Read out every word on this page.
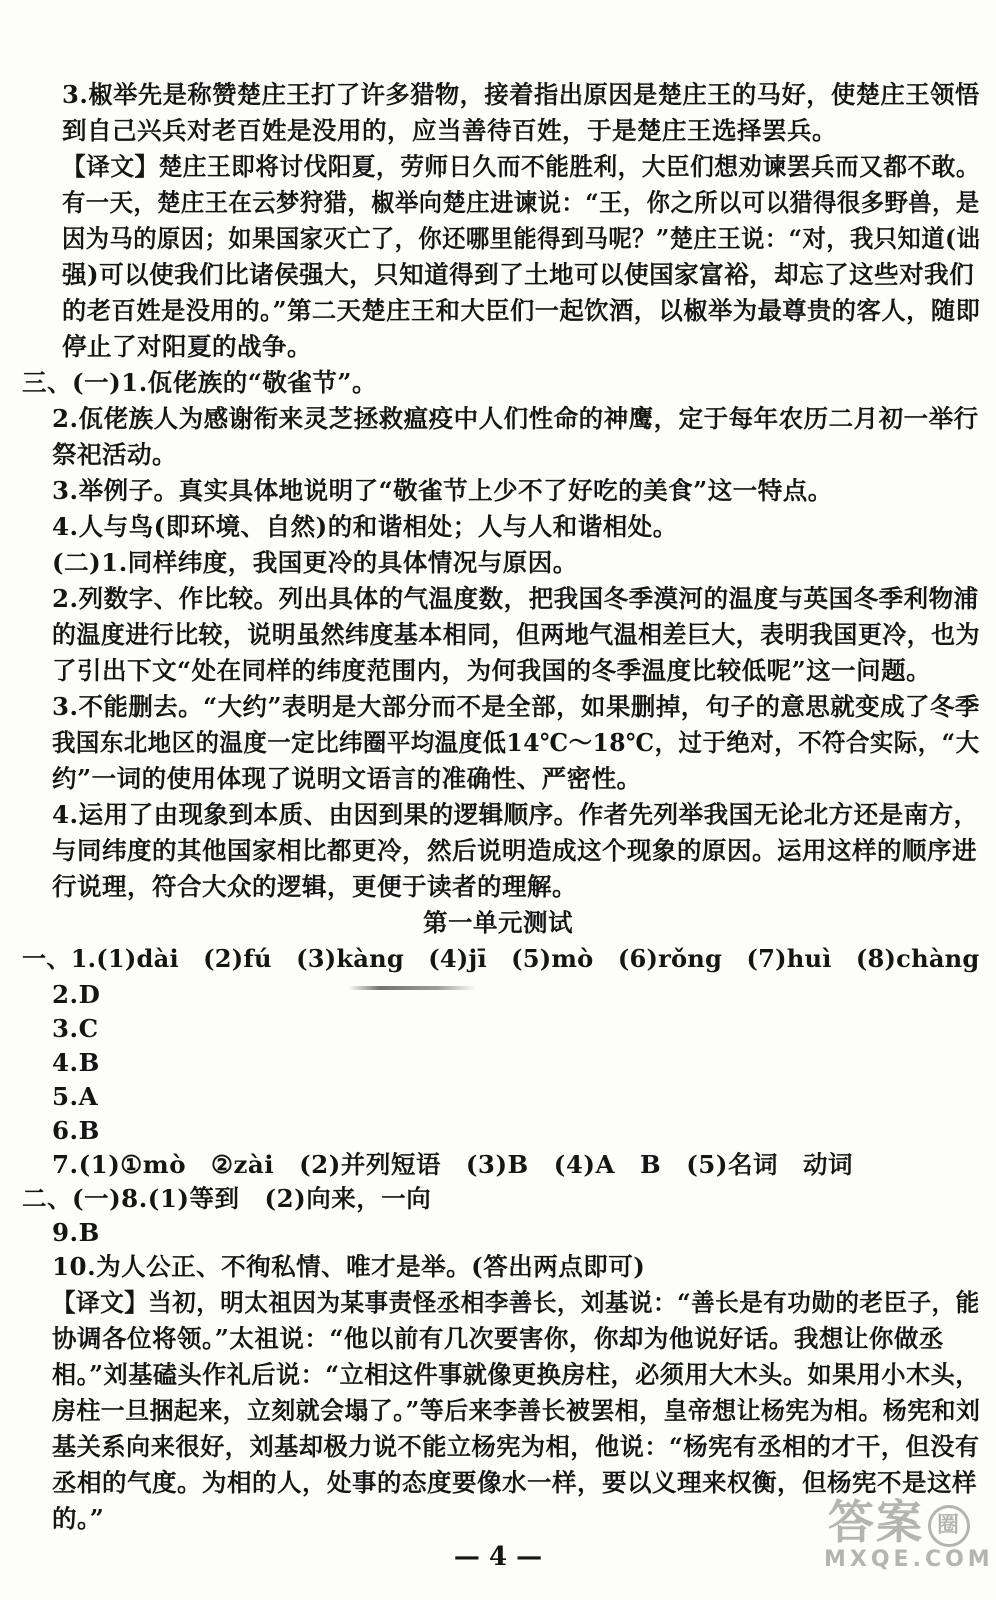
3.椒举先是称赞楚庄王打了许多猎物，接着指出原因是楚庄王的马好，使楚庄王领悟
到自己兴兵对老百姓是没用的，应当善待百姓，于是楚庄王选择罢兵。
【译文】楚庄王即将讨伐阳夏，劳师日久而不能胜利，大臣们想劝谏罢兵而又都不敢。
有一天，楚庄王在云梦狩猎，椒举向楚庄进谏说：“王，你之所以可以猎得很多野兽，是
因为马的原因；如果国家灭亡了，你还哪里能得到马呢？”楚庄王说：“对，我只知道(诎
强)可以使我们比诸侯强大，只知道得到了土地可以使国家富裕，却忘了这些对我们
的老百姓是没用的。”第二天楚庄王和大臣们一起饮酒，以椒举为最尊贵的客人，随即
停止了对阳夏的战争。
三、(一)1.佤佬族的“敬雀节”。
2.佤佬族人为感谢衔来灵芝拯救瘟疫中人们性命的神鹰，定于每年农历二月初一举行
祭祀活动。
3.举例子。真实具体地说明了“敬雀节上少不了好吃的美食”这一特点。
4.人与鸟(即环境、自然)的和谐相处；人与人和谐相处。
(二)1.同样纬度，我国更冷的具体情况与原因。
2.列数字、作比较。列出具体的气温度数，把我国冬季漠河的温度与英国冬季利物浦
的温度进行比较，说明虽然纬度基本相同，但两地气温相差巨大，表明我国更冷，也为
了引出下文“处在同样的纬度范围内，为何我国的冬季温度比较低呢”这一问题。
3.不能删去。“大约”表明是大部分而不是全部，如果删掉，句子的意思就变成了冬季
我国东北地区的温度一定比纬圈平均温度低14℃～18℃，过于绝对，不符合实际，“大
约”一词的使用体现了说明文语言的准确性、严密性。
4.运用了由现象到本质、由因到果的逻辑顺序。作者先列举我国无论北方还是南方，
与同纬度的其他国家相比都更冷，然后说明造成这个现象的原因。运用这样的顺序进
行说理，符合大众的逻辑，更便于读者的理解。
第一单元测试
一、1.(1)dài　(2)fú　(3)kàng　(4)jī　(5)mò　(6)rǒng　(7)huì　(8)chàng
2.D
3.C
4.B
5.A
6.B
7.(1)①mò　②zài　(2)并列短语　(3)B　(4)A　B　(5)名词　动词
二、(一)8.(1)等到　(2)向来，一向
9.B
10.为人公正、不徇私情、唯才是举。(答出两点即可)
【译文】当初，明太祖因为某事责怪丞相李善长，刘基说：“善长是有功勋的老臣子，能
协调各位将领。”太祖说：“他以前有几次要害你，你却为他说好话。我想让你做丞
相。”刘基磕头作礼后说：“立相这件事就像更换房柱，必须用大木头。如果用小木头，
房柱一旦捆起来，立刻就会塌了。”等后来李善长被罢相，皇帝想让杨宪为相。杨宪和刘
基关系向来很好，刘基却极力说不能立杨宪为相，他说：“杨宪有丞相的才干，但没有
丞相的气度。为相的人，处事的态度要像水一样，要以义理来权衡，但杨宪不是这样
的。”
— 4 —
答案 圈
MXQE.COM
